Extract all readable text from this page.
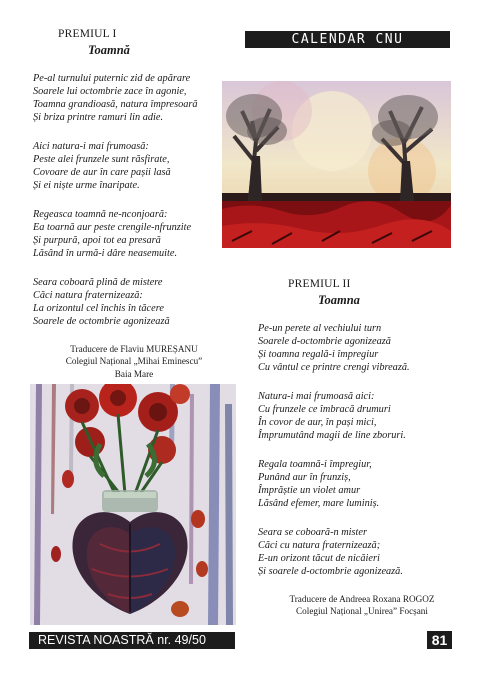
PREMIUL I
Toamnă
Pe-al turnului puternic zid de apărare
Soarele lui octombrie zace în agonie,
Toamna grandioasă, natura împresoară
Și briza printre ramuri lin adie.
Aici natura-i mai frumoasă:
Peste alei frunzele sunt răsfirate,
Covoare de aur în care pașii lasă
Și ei niște urme înaripate.
Regeasca toamnă ne-nconjoară:
Ea toarnă aur peste crengile-nfrunzite
Și purpură, apoi tot ea presară
Lăsând în urmă-i dâre neasemuite.
Seara coboară plină de mistere
Căci natura fraternizează:
La orizontul cel închis în tăcere
Soarele de octombrie agonizează
Traducere de Flaviu MUREȘANU
Colegiul Național „Mihai Eminescu”
Baia Mare
CALENDAR CNU
PREMIUL II
Toamna
Pe-un perete al vechiului turn
Soarele d-octombrie agonizează
Și toamna regală-i împregiur
Cu vântul ce printre crengi vibrează.
Natura-i mai frumoasă aici:
Cu frunzele ce îmbracă drumuri
În covor de aur, în pași mici,
Împrumutând magii de line zboruri.
Regala toamnă-i împregiur,
Punând aur în frunziș,
Împrăștie un violet amur
Lăsând efemer, mare luminiș.
Seara se coboară-n mister
Căci cu natura fraternizează;
E-un orizont tăcut de nicăieri
Și soarele d-octombrie agonizează.
Traducere de Andreea Roxana ROGOZ
Colegiul Național „Unirea” Focșani
REVISTA NOASTRĂ nr. 49/50	81
